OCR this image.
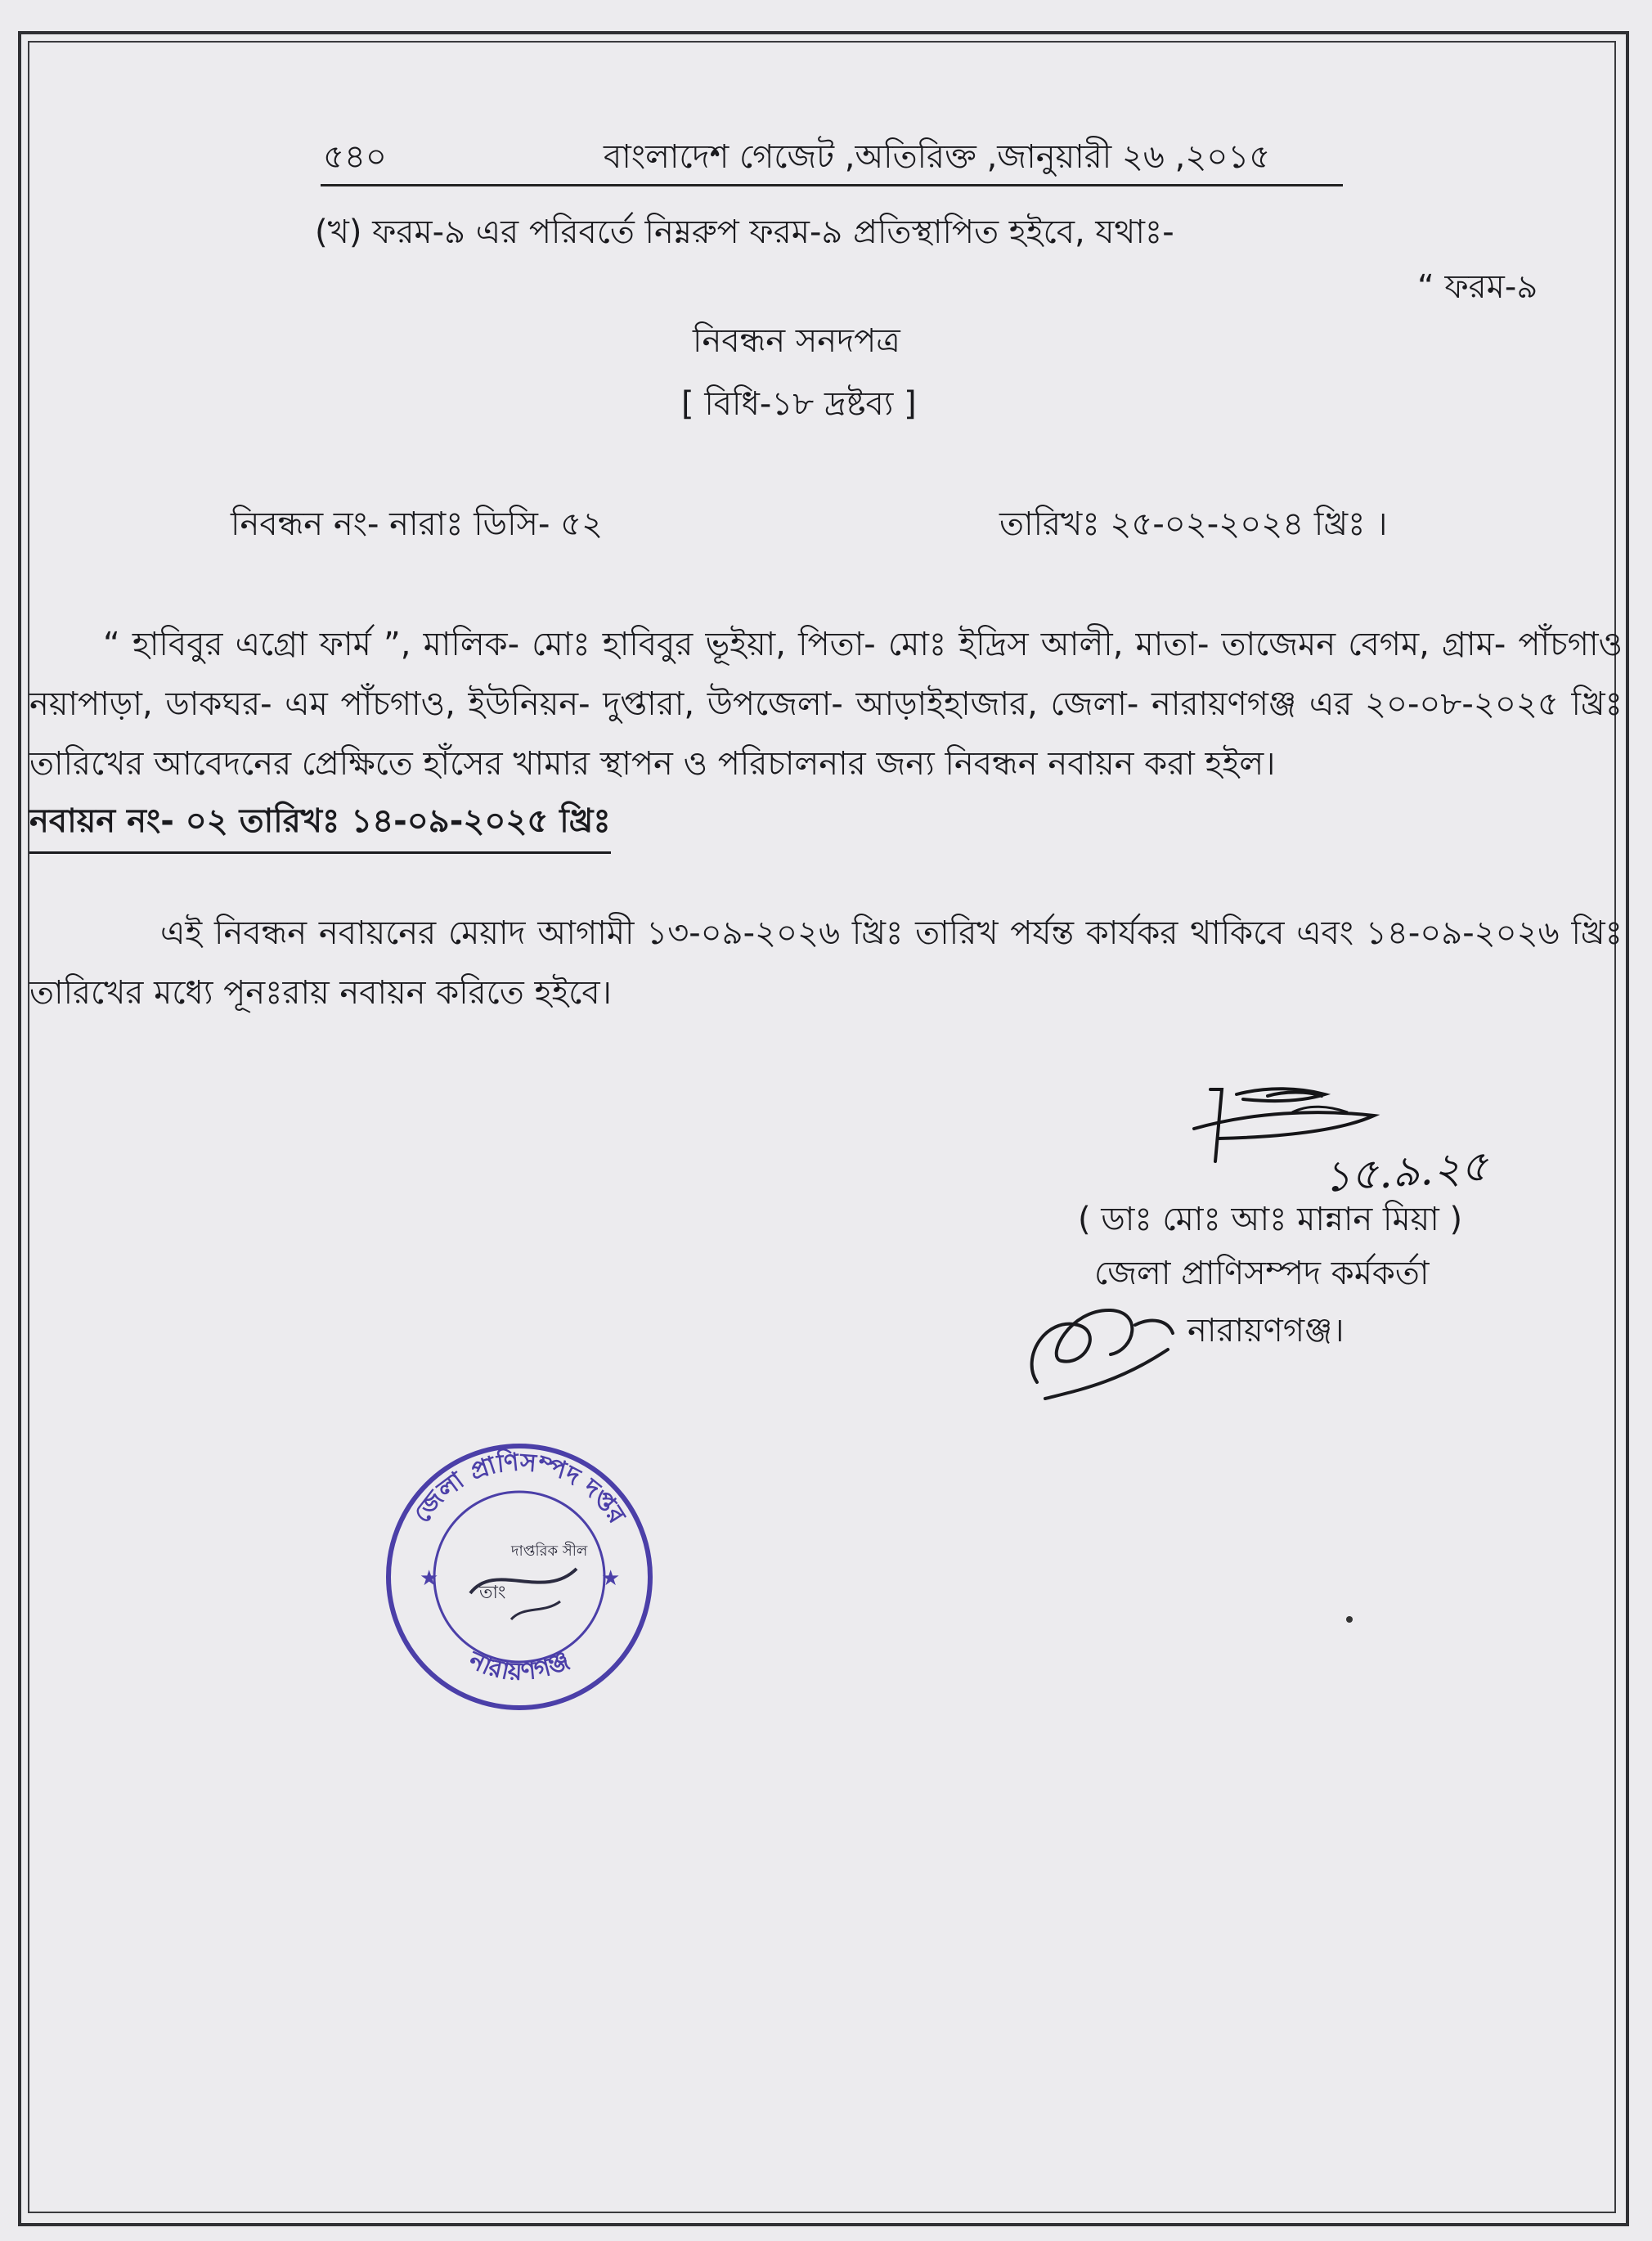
৫৪০	বাংলাদেশ গেজেট ,অতিরিক্ত ,জানুয়ারী ২৬ ,২০১৫
(খ) ফরম-৯ এর পরিবর্তে নিম্নরুপ ফরম-৯ প্রতিস্থাপিত হইবে, যথাঃ-
“ ফরম-৯
নিবন্ধন সনদপত্র
[ বিধি-১৮ দ্রষ্টব্য ]
নিবন্ধন নং- নারাঃ ডিসি- ৫২	তারিখঃ ২৫-০২-২০২৪ খ্রিঃ ।
“ হাবিবুর এগ্রো ফার্ম ”, মালিক- মোঃ হাবিবুর ভূইয়া, পিতা- মোঃ ইদ্রিস আলী, মাতা- তাজেমন বেগম, গ্রাম- পাঁচগাও নয়াপাড়া, ডাকঘর- এম পাঁচগাও, ইউনিয়ন- দুপ্তারা, উপজেলা- আড়াইহাজার, জেলা- নারায়ণগঞ্জ এর ২০-০৮-২০২৫ খ্রিঃ তারিখের আবেদনের প্রেক্ষিতে হাঁসের খামার স্থাপন ও পরিচালনার জন্য নিবন্ধন নবায়ন করা হইল।
নবায়ন নং- ০২ তারিখঃ ১৪-০৯-২০২৫ খ্রিঃ
এই নিবন্ধন নবায়নের মেয়াদ আগামী ১৩-০৯-২০২৬ খ্রিঃ তারিখ পর্যন্ত কার্যকর থাকিবে এবং ১৪-০৯-২০২৬ খ্রিঃ তারিখের মধ্যে পূনঃরায় নবায়ন করিতে হইবে।
১৫.৯.২৫
( ডাঃ মোঃ আঃ মান্নান মিয়া )
জেলা প্রাণিসম্পদ কর্মকর্তা
নারায়ণগঞ্জ।
★	★
জেলা প্রাণিসম্পদ দপ্তর
নারায়ণগঞ্জ
দাপ্তরিক সীল
তাং
